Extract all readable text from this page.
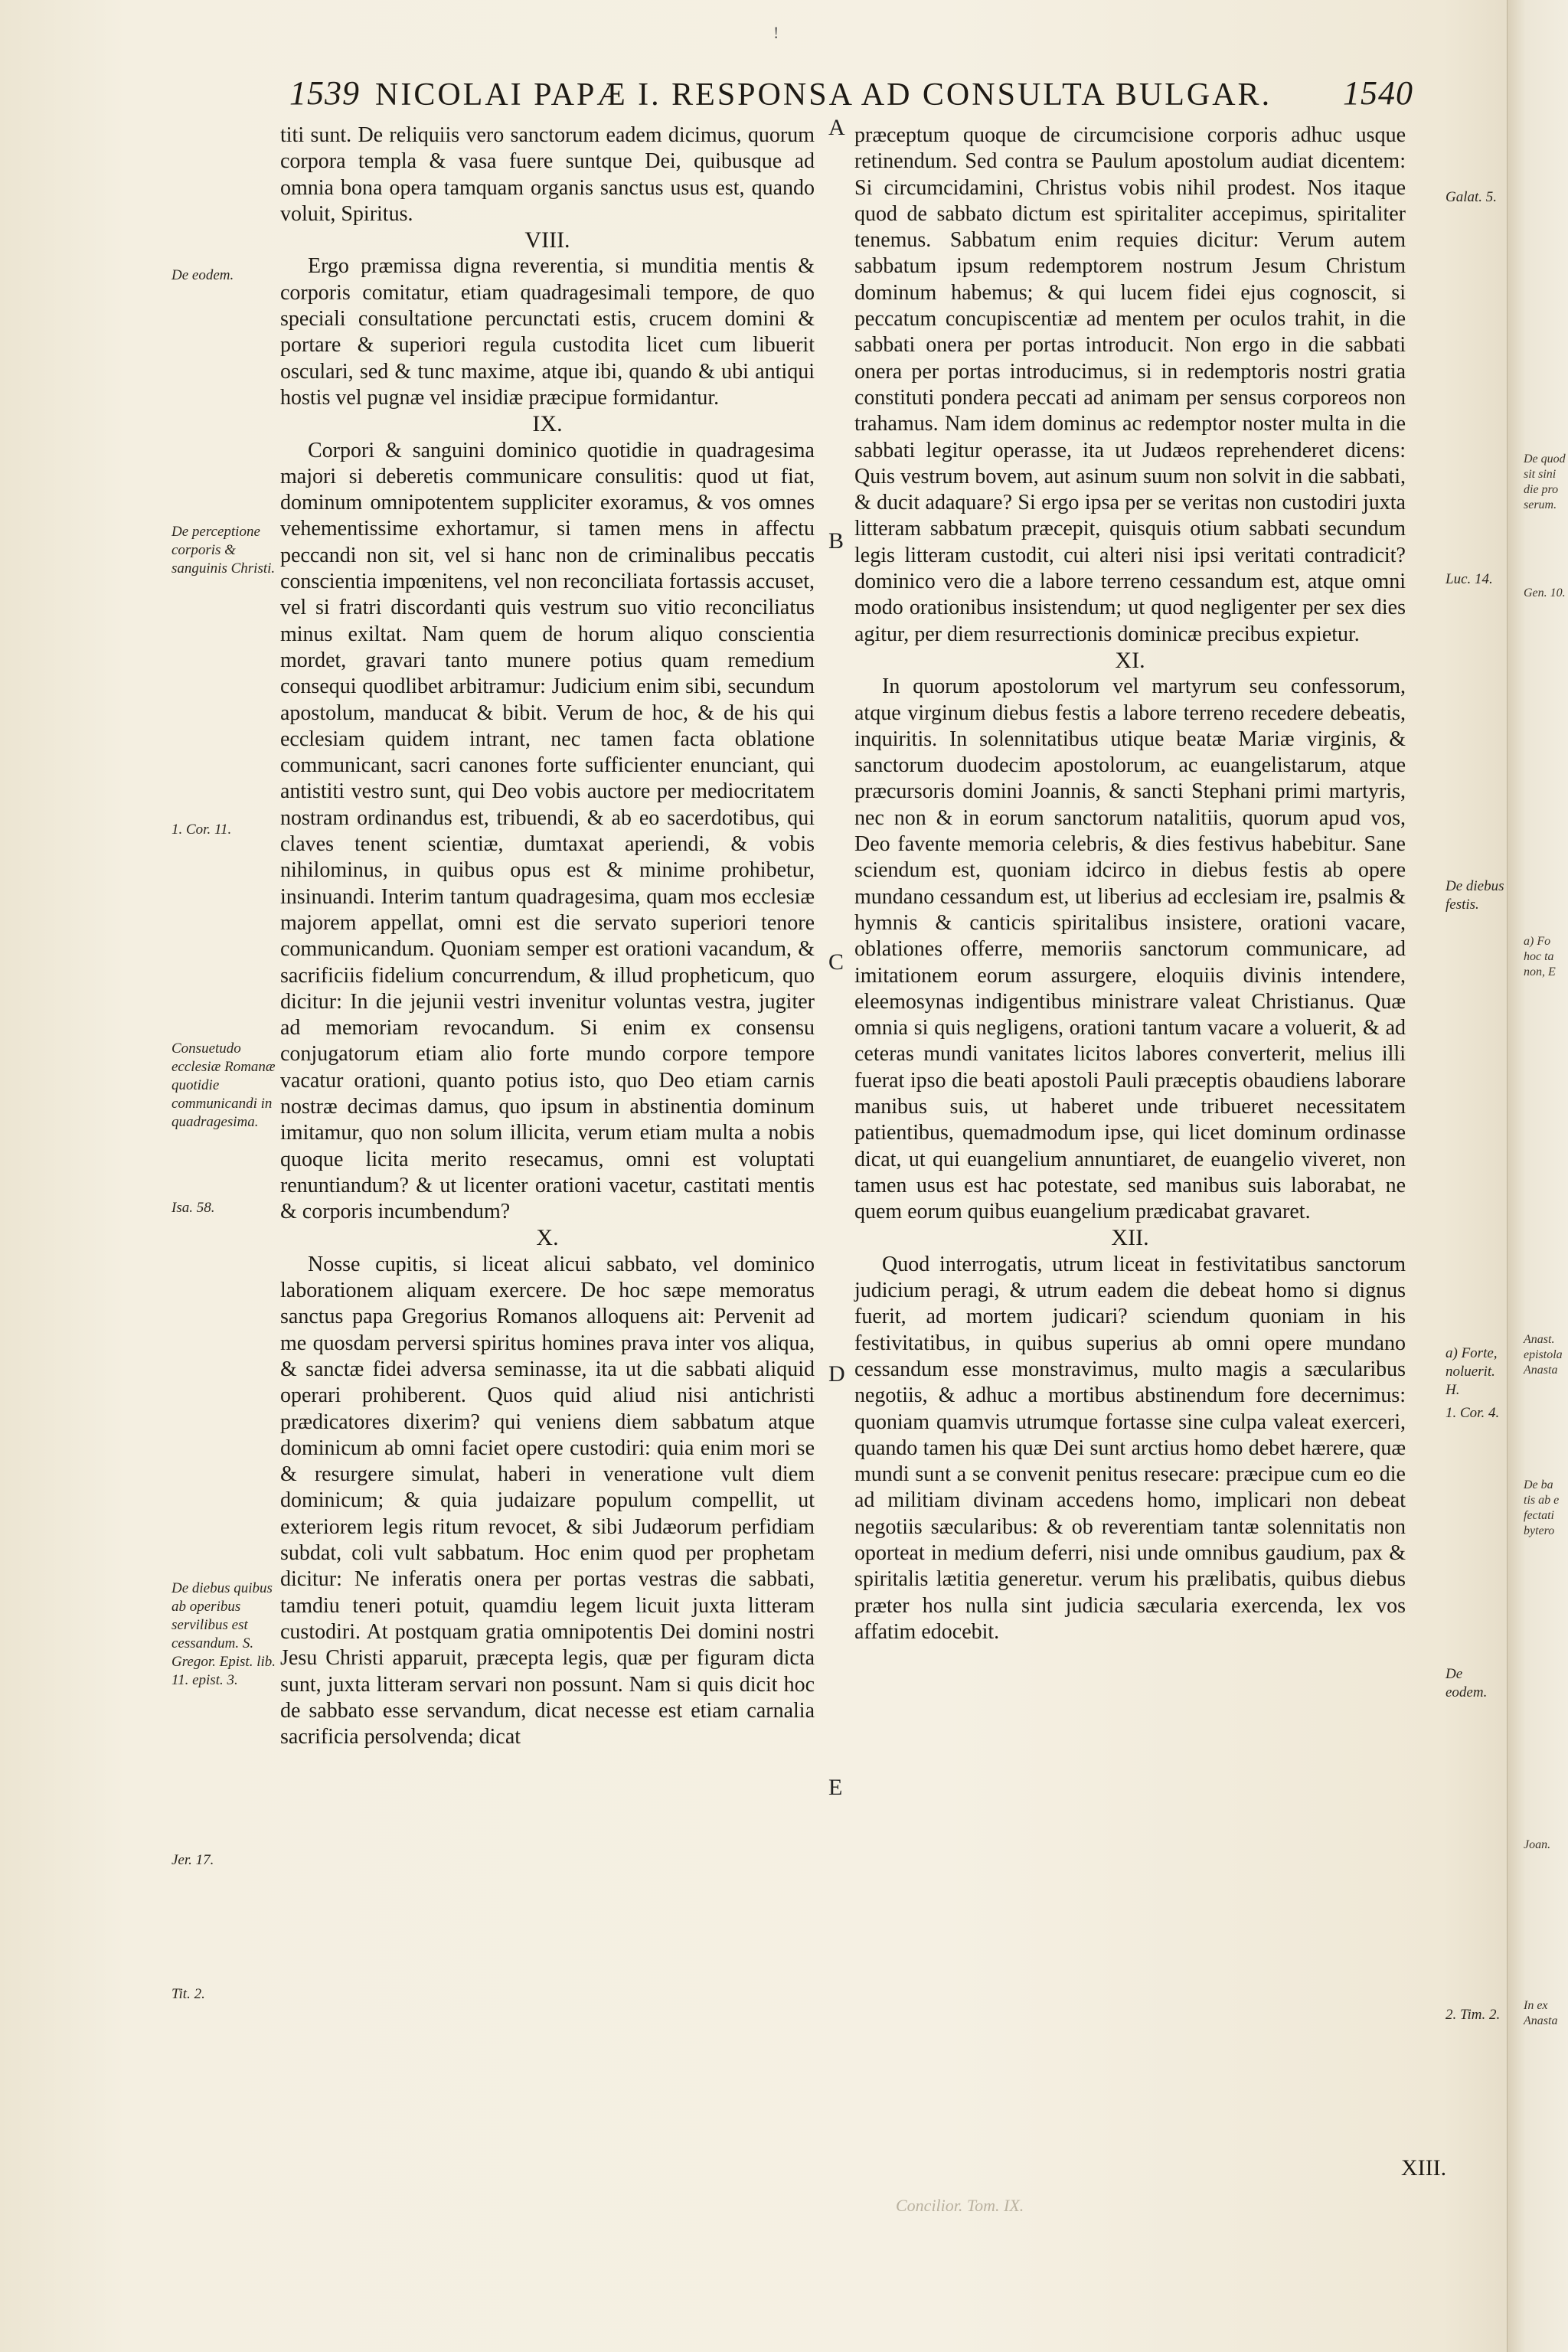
!
1539 NICOLAI PAPÆ I. RESPONSA AD CONSULTA BULGAR. 1540
De eodem.
De perceptione corporis & sanguinis Christi.
1. Cor. 11.
Consuetudo ecclesiæ Romanæ quotidie communicandi in quadragesima.
Isa. 58.
De diebus quibus ab operibus servilibus est cessandum. S. Gregor. Epist. lib. 11. epist. 3.
Jer. 17.
Tit. 2.
A
B
C
D
E
Galat. 5.
Luc. 14.
De diebus festis.
a) Forte, noluerit. H.
1. Cor. 4.
De eodem.
2. Tim. 2.
De quod sit sini die pro serum.
Gen. 10.
a) Fo hoc ta non, E
Anast. epistola Anasta
De ba tis ab e fectati bytero
Joan.
In ex Anasta

titi sunt. De reliquiis vero sanctorum eadem dicimus, quorum corpora templa & vasa fuere suntque Dei, quibusque ad omnia bona opera tamquam organis sanctus usus est, quando voluit, Spiritus.

VIII.

Ergo præmissa digna reverentia, si munditia mentis & corporis comitatur, etiam quadragesimali tempore, de quo speciali consultatione percunctati estis, crucem domini & portare & superiori regula custodita licet cum libuerit osculari, sed & tunc maxime, atque ibi, quando & ubi antiqui hostis vel pugnæ vel insidiæ præcipue formidantur.

IX.

Corpori & sanguini dominico quotidie in quadragesima majori si deberetis communicare consulitis: quod ut fiat, dominum omnipotentem suppliciter exoramus, & vos omnes vehementissime exhortamur, si tamen mens in affectu peccandi non sit, vel si hanc non de criminalibus peccatis conscientia impœnitens, vel non reconciliata fortassis accuset, vel si fratri discordanti quis vestrum suo vitio reconciliatus minus exiltat. Nam quem de horum aliquo conscientia mordet, gravari tanto munere potius quam remedium consequi quodlibet arbitramur: Judicium enim sibi, secundum apostolum, manducat & bibit. Verum de hoc, & de his qui ecclesiam quidem intrant, nec tamen facta oblatione communicant, sacri canones forte sufficienter enunciant, qui antistiti vestro sunt, qui Deo vobis auctore per mediocritatem nostram ordinandus est, tribuendi, & ab eo sacerdotibus, qui claves tenent scientiæ, dumtaxat aperiendi, & vobis nihilominus, in quibus opus est & minime prohibetur, insinuandi. Interim tantum quadragesima, quam mos ecclesiæ majorem appellat, omni est die servato superiori tenore communicandum. Quoniam semper est orationi vacandum, & sacrificiis fidelium concurrendum, & illud propheticum, quo dicitur: In die jejunii vestri invenitur voluntas vestra, jugiter ad memoriam revocandum. Si enim ex consensu conjugatorum etiam alio forte mundo corpore tempore vacatur orationi, quanto potius isto, quo Deo etiam carnis nostræ decimas damus, quo ipsum in abstinentia dominum imitamur, quo non solum illicita, verum etiam multa a nobis quoque licita merito resecamus, omni est voluptati renuntiandum? & ut licenter orationi vacetur, castitati mentis & corporis incumbendum?

X.

Nosse cupitis, si liceat alicui sabbato, vel dominico laborationem aliquam exercere. De hoc sæpe memoratus sanctus papa Gregorius Romanos alloquens ait: Pervenit ad me quosdam perversi spiritus homines prava inter vos aliqua, & sanctæ fidei adversa seminasse, ita ut die sabbati aliquid operari prohiberent. Quos quid aliud nisi antichristi prædicatores dixerim? qui veniens diem sabbatum atque dominicum ab omni faciet opere custodiri: quia enim mori se & resurgere simulat, haberi in veneratione vult diem dominicum; & quia judaizare populum compellit, ut exteriorem legis ritum revocet, & sibi Judæorum perfidiam subdat, coli vult sabbatum. Hoc enim quod per prophetam dicitur: Ne inferatis onera per portas vestras die sabbati, tamdiu teneri potuit, quamdiu legem licuit juxta litteram custodiri. At postquam gratia omnipotentis Dei domini nostri Jesu Christi apparuit, præcepta legis, quæ per figuram dicta sunt, juxta litteram servari non possunt. Nam si quis dicit hoc de sabbato esse servandum, dicat necesse est etiam carnalia sacrificia persolvenda; dicat

præceptum quoque de circumcisione corporis adhuc usque retinendum. Sed contra se Paulum apostolum audiat dicentem: Si circumcidamini, Christus vobis nihil prodest. Nos itaque quod de sabbato dictum est spiritaliter accepimus, spiritaliter tenemus. Sabbatum enim requies dicitur: Verum autem sabbatum ipsum redemptorem nostrum Jesum Christum dominum habemus; & qui lucem fidei ejus cognoscit, si peccatum concupiscentiæ ad mentem per oculos trahit, in die sabbati onera per portas introducit. Non ergo in die sabbati onera per portas introducimus, si in redemptoris nostri gratia constituti pondera peccati ad animam per sensus corporeos non trahamus. Nam idem dominus ac redemptor noster multa in die sabbati legitur operasse, ita ut Judæos reprehenderet dicens: Quis vestrum bovem, aut asinum suum non solvit in die sabbati, & ducit adaquare? Si ergo ipsa per se veritas non custodiri juxta litteram sabbatum præcepit, quisquis otium sabbati secundum legis litteram custodit, cui alteri nisi ipsi veritati contradicit? dominico vero die a labore terreno cessandum est, atque omni modo orationibus insistendum; ut quod negligenter per sex dies agitur, per diem resurrectionis dominicæ precibus expietur.

XI.

In quorum apostolorum vel martyrum seu confessorum, atque virginum diebus festis a labore terreno recedere debeatis, inquiritis. In solennitatibus utique beatæ Mariæ virginis, & sanctorum duodecim apostolorum, ac euangelistarum, atque præcursoris domini Joannis, & sancti Stephani primi martyris, nec non & in eorum sanctorum natalitiis, quorum apud vos, Deo favente memoria celebris, & dies festivus habebitur. Sane sciendum est, quoniam idcirco in diebus festis ab opere mundano cessandum est, ut liberius ad ecclesiam ire, psalmis & hymnis & canticis spiritalibus insistere, orationi vacare, oblationes offerre, memoriis sanctorum communicare, ad imitationem eorum assurgere, eloquiis divinis intendere, eleemosynas indigentibus ministrare valeat Christianus. Quæ omnia si quis negligens, orationi tantum vacare a voluerit, & ad ceteras mundi vanitates licitos labores converterit, melius illi fuerat ipso die beati apostoli Pauli præceptis obaudiens laborare manibus suis, ut haberet unde tribueret necessitatem patientibus, quemadmodum ipse, qui licet dominum ordinasse dicat, ut qui euangelium annuntiaret, de euangelio viveret, non tamen usus est hac potestate, sed manibus suis laborabat, ne quem eorum quibus euangelium prædicabat gravaret.

XII.

Quod interrogatis, utrum liceat in festivitatibus sanctorum judicium peragi, & utrum eadem die debeat homo si dignus fuerit, ad mortem judicari? sciendum quoniam in his festivitatibus, in quibus superius ab omni opere mundano cessandum esse monstravimus, multo magis a sæcularibus negotiis, & adhuc a mortibus abstinendum fore decernimus: quoniam quamvis utrumque fortasse sine culpa valeat exerceri, quando tamen his quæ Dei sunt arctius homo debet hærere, quæ mundi sunt a se convenit penitus resecare: præcipue cum eo die ad militiam divinam accedens homo, implicari non debeat negotiis sæcularibus: & ob reverentiam tantæ solennitatis non oporteat in medium deferri, nisi unde omnibus gaudium, pax & spiritalis lætitia generetur. verum his prælibatis, quibus diebus præter hos nulla sint judicia sæcularia exercenda, lex vos affatim edocebit.

XIII.
Concilior. Tom. IX.
